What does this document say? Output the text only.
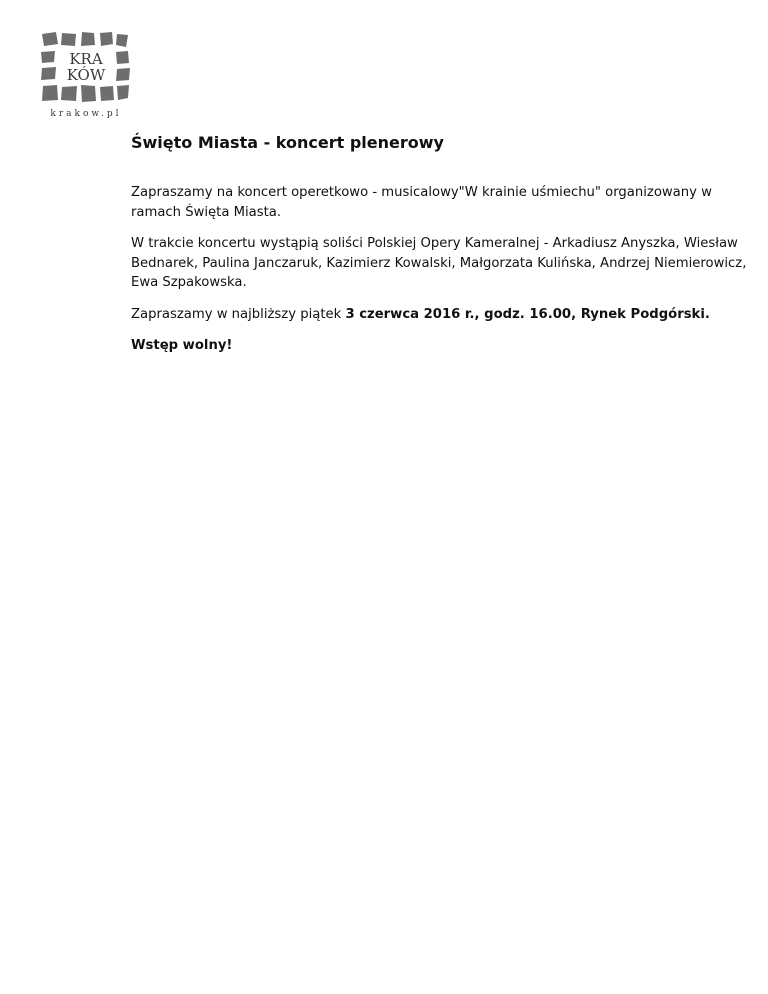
KRA
KÓW
krakow.pl
Święto Miasta - koncert plenerowy

Zapraszamy na koncert operetkowo - musicalowy"W krainie uśmiechu" organizowany w ramach Święta Miasta.

W trakcie koncertu wystąpią soliści Polskiej Opery Kameralnej - Arkadiusz Anyszka, Wiesław Bednarek, Paulina Janczaruk, Kazimierz Kowalski, Małgorzata Kulińska, Andrzej Niemierowicz, Ewa Szpakowska.

Zapraszamy w najbliższy piątek 3 czerwca 2016 r., godz. 16.00, Rynek Podgórski.

Wstęp wolny!
